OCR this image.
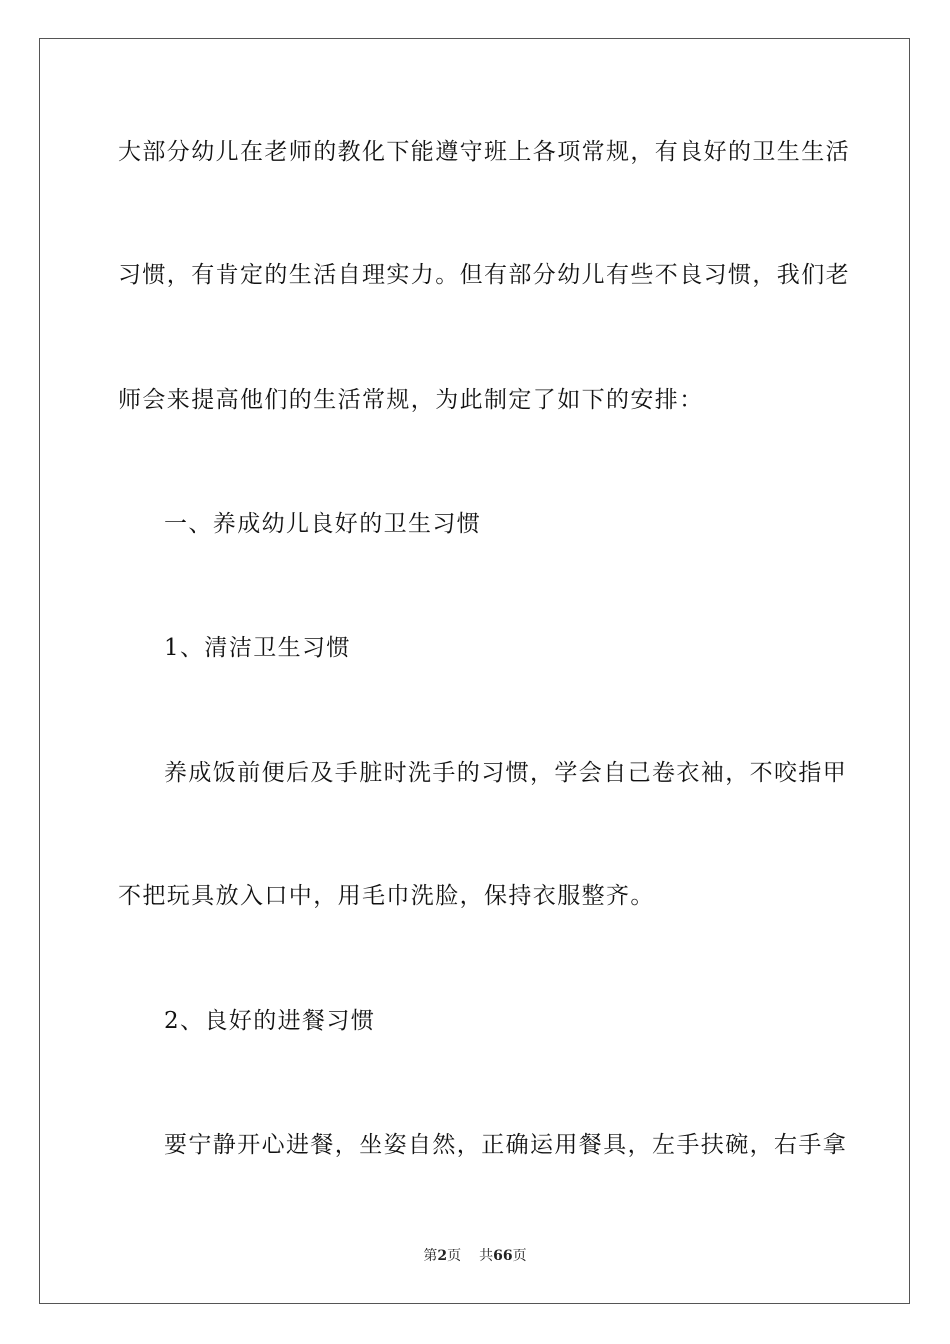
大部分幼儿在老师的教化下能遵守班上各项常规，有良好的卫生生活
习惯，有肯定的生活自理实力。但有部分幼儿有些不良习惯，我们老
师会来提高他们的生活常规，为此制定了如下的安排：
一、养成幼儿良好的卫生习惯
1、清洁卫生习惯
养成饭前便后及手脏时洗手的习惯，学会自己卷衣袖，不咬指甲
不把玩具放入口中，用毛巾洗脸，保持衣服整齐。
2、良好的进餐习惯
要宁静开心进餐，坐姿自然，正确运用餐具，左手扶碗，右手拿
第2页 共66页
